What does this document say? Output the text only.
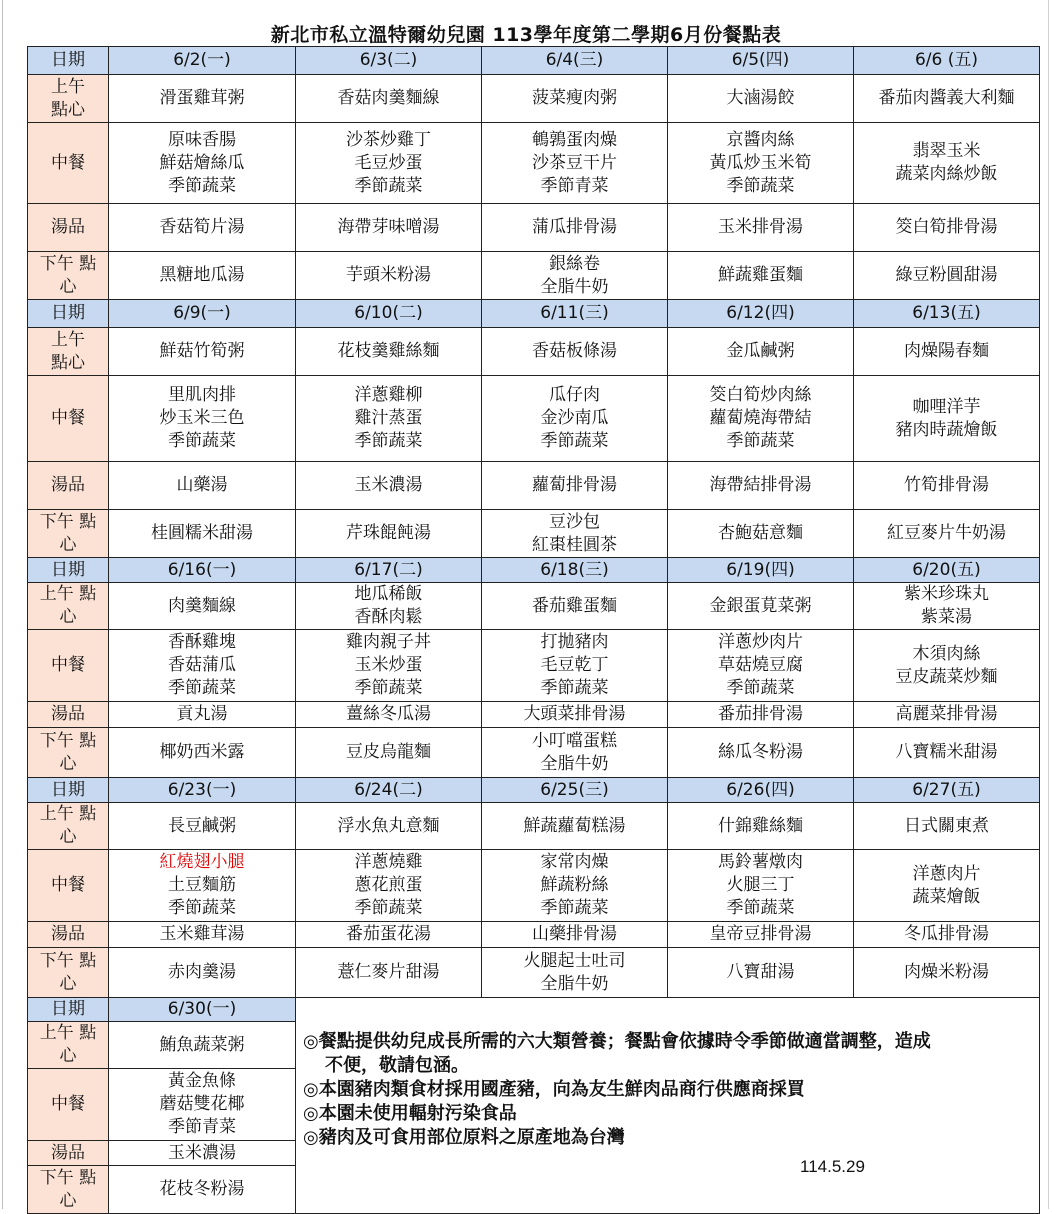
新北市私立溫特爾幼兒園 113學年度第二學期6月份餐點表
日期	6/2(一)	6/3(二)	6/4(三)	6/5(四)	6/6 (五)

上午
點心	滑蛋雞茸粥	香菇肉羹麵線	菠菜瘦肉粥	大滷湯餃	番茄肉醬義大利麵
中餐	原味香腸
鮮菇燴絲瓜
季節蔬菜	沙茶炒雞丁
毛豆炒蛋
季節蔬菜	鵪鶉蛋肉燥
沙茶豆干片
季節青菜	京醬肉絲
黃瓜炒玉米筍
季節蔬菜	翡翠玉米
蔬菜肉絲炒飯

湯品	香菇筍片湯	海帶芽味噌湯	蒲瓜排骨湯	玉米排骨湯	筊白筍排骨湯

下午 點
心	黑糖地瓜湯	芋頭米粉湯	銀絲卷
全脂牛奶	鮮蔬雞蛋麵	綠豆粉圓甜湯

日期	6/9(一)	6/10(二)	6/11(三)	6/12(四)	6/13(五)

上午
點心	鮮菇竹筍粥	花枝羹雞絲麵	香菇板條湯	金瓜鹹粥	肉燥陽春麵
中餐	里肌肉排
炒玉米三色
季節蔬菜	洋蔥雞柳
雞汁蒸蛋
季節蔬菜	瓜仔肉
金沙南瓜
季節蔬菜	筊白筍炒肉絲
蘿蔔燒海帶結
季節蔬菜	咖哩洋芋
豬肉時蔬燴飯

湯品	山藥湯	玉米濃湯	蘿蔔排骨湯	海帶結排骨湯	竹筍排骨湯

下午 點
心	桂圓糯米甜湯	芹珠餛飩湯	豆沙包
紅棗桂圓茶	杏鮑菇意麵	紅豆麥片牛奶湯

日期	6/16(一)	6/17(二)	6/18(三)	6/19(四)	6/20(五)

上午 點
心	肉羹麵線	地瓜稀飯
香酥肉鬆	番茄雞蛋麵	金銀蛋莧菜粥	紫米珍珠丸
紫菜湯

中餐	香酥雞塊
香菇蒲瓜
季節蔬菜	雞肉親子丼
玉米炒蛋
季節蔬菜	打拋豬肉
毛豆乾丁
季節蔬菜	洋蔥炒肉片
草菇燒豆腐
季節蔬菜	木須肉絲
豆皮蔬菜炒麵

湯品	貢丸湯	薑絲冬瓜湯	大頭菜排骨湯	番茄排骨湯	高麗菜排骨湯

下午 點
心	椰奶西米露	豆皮烏龍麵	小叮噹蛋糕
全脂牛奶	絲瓜冬粉湯	八寶糯米甜湯

日期	6/23(一)	6/24(二)	6/25(三)	6/26(四)	6/27(五)

上午 點
心	長豆鹹粥	浮水魚丸意麵	鮮蔬蘿蔔糕湯	什錦雞絲麵	日式關東煮
中餐	紅燒翅小腿
土豆麵筋
季節蔬菜	洋蔥燒雞
蔥花煎蛋
季節蔬菜	家常肉燥
鮮蔬粉絲
季節蔬菜	馬鈴薯燉肉
火腿三丁
季節蔬菜	洋蔥肉片
蔬菜燴飯

湯品	玉米雞茸湯	番茄蛋花湯	山藥排骨湯	皇帝豆排骨湯	冬瓜排骨湯

下午 點
心	赤肉羹湯	薏仁麥片甜湯	火腿起士吐司
全脂牛奶	八寶甜湯	肉燥米粉湯

日期	6/30(一)				

上午 點
心	鮪魚蔬菜粥				
中餐	黃金魚條
蘑菇雙花椰
季節青菜				

湯品	玉米濃湯				

下午 點
心	花枝冬粉湯				
◎餐點提供幼兒成長所需的六大類營養；餐點會依據時令季節做適當調整，造成
不便，敬請包涵。
◎本園豬肉類食材採用國產豬，向為友生鮮肉品商行供應商採買
◎本園未使用輻射污染食品
◎豬肉及可食用部位原料之原產地為台灣
114.5.29
